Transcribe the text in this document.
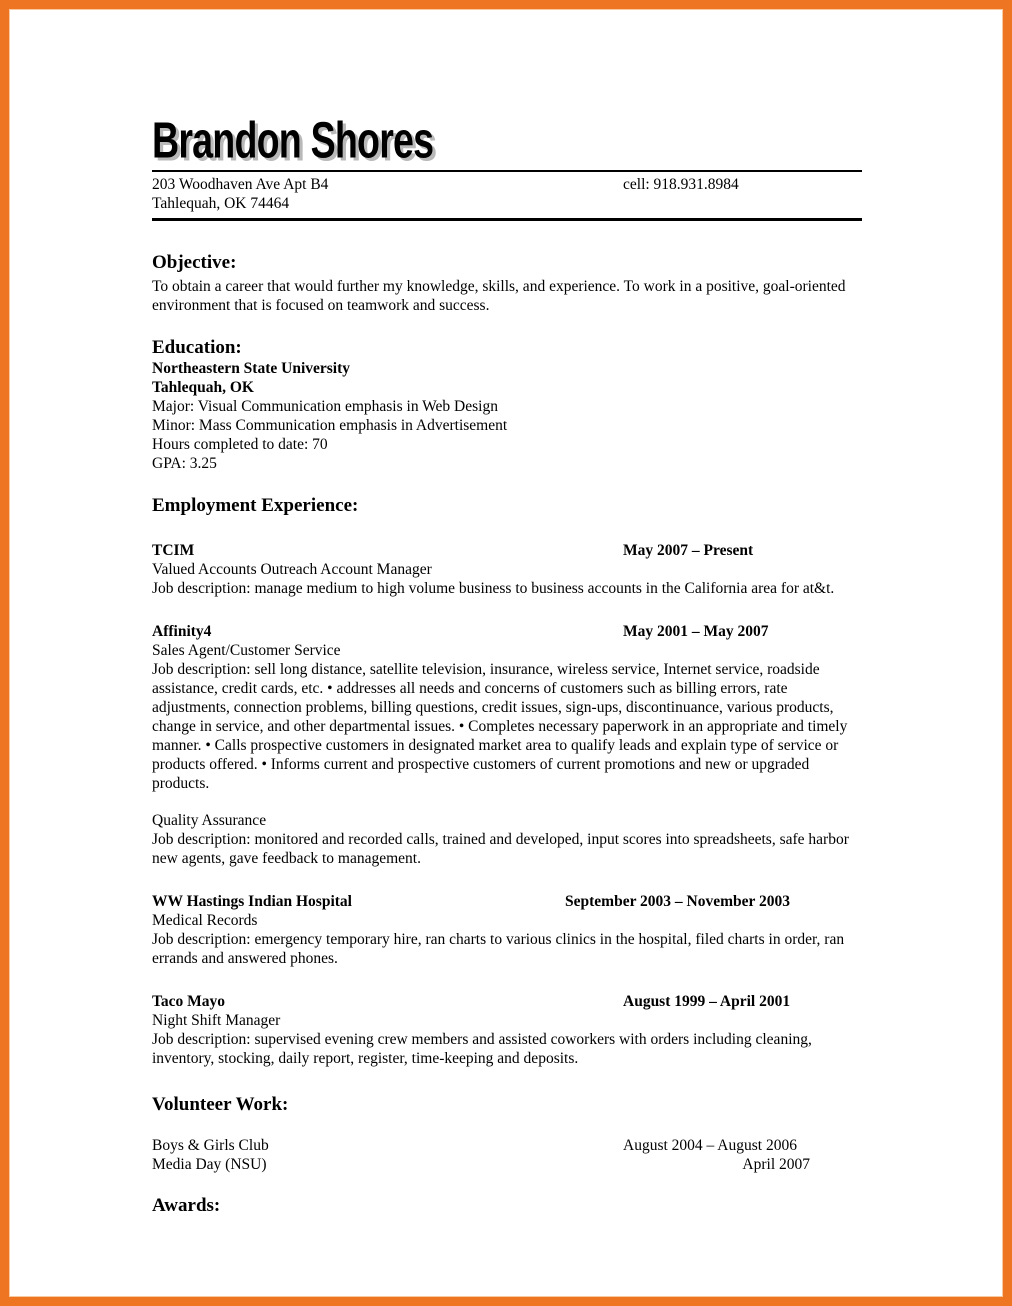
Brandon Shores
203 Woodhaven Ave Apt B4
Tahlequah, OK 74464
cell: 918.931.8984
Objective:
To obtain a career that would further my knowledge, skills, and experience. To work in a positive, goal-oriented environment that is focused on teamwork and success.
Education:
Northeastern State University
Tahlequah, OK
Major: Visual Communication emphasis in Web Design
Minor: Mass Communication emphasis in Advertisement
Hours completed to date: 70
GPA: 3.25
Employment Experience:
TCIM	May 2007 – Present
Valued Accounts Outreach Account Manager
Job description: manage medium to high volume business to business accounts in the California area for at&t.
Affinity4	May 2001 – May 2007
Sales Agent/Customer Service
Job description: sell long distance, satellite television, insurance, wireless service, Internet service, roadside assistance, credit cards, etc. • addresses all needs and concerns of customers such as billing errors, rate adjustments, connection problems, billing questions, credit issues, sign-ups, discontinuance, various products, change in service, and other departmental issues. • Completes necessary paperwork in an appropriate and timely manner. • Calls prospective customers in designated market area to qualify leads and explain type of service or products offered. • Informs current and prospective customers of current promotions and new or upgraded products.
Quality Assurance
Job description: monitored and recorded calls, trained and developed, input scores into spreadsheets, safe harbor new agents, gave feedback to management.
WW Hastings Indian Hospital	September 2003 – November 2003
Medical Records
Job description: emergency temporary hire, ran charts to various clinics in the hospital, filed charts in order, ran errands and answered phones.
Taco Mayo	August 1999 – April 2001
Night Shift Manager
Job description: supervised evening crew members and assisted coworkers with orders including cleaning, inventory, stocking, daily report, register, time-keeping and deposits.
Volunteer Work:
Boys & Girls Club	August 2004 – August 2006
Media Day (NSU)	April 2007
Awards:
